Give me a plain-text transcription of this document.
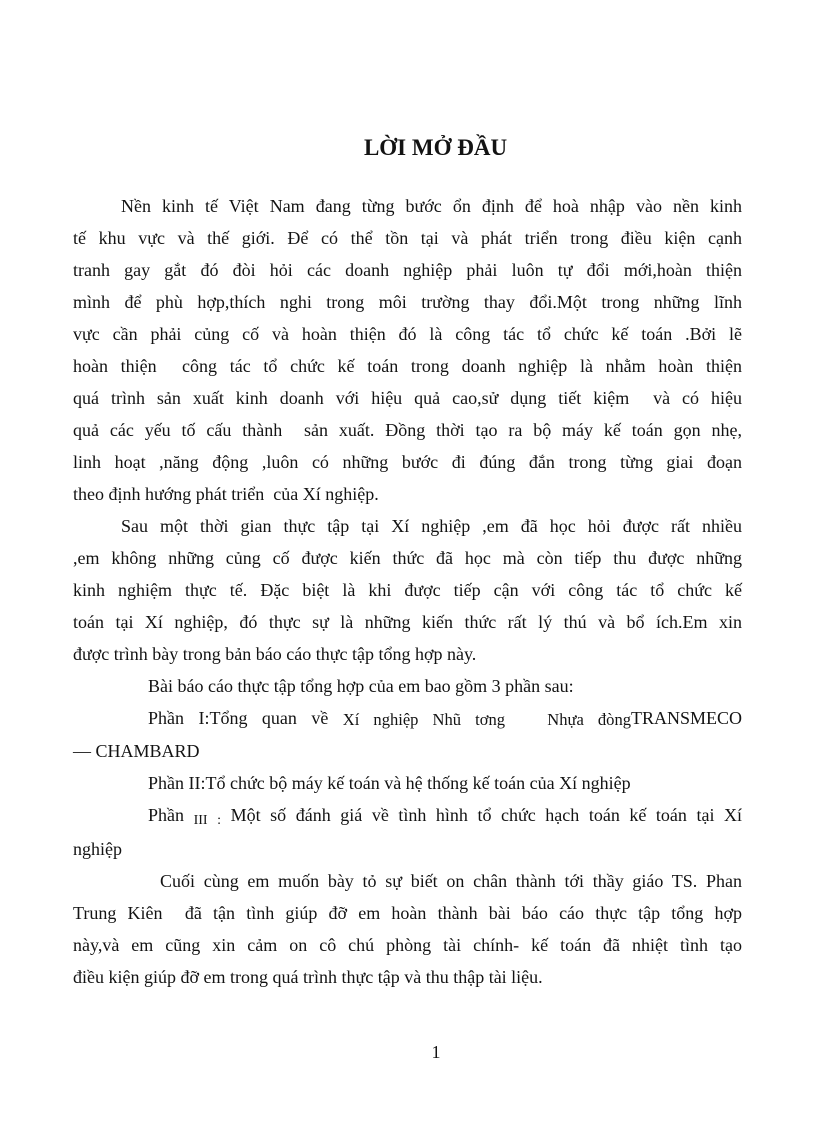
LỜI MỞ ĐẦU
Nền kinh tế Việt Nam đang từng bước ổn định để hoà nhập vào nền kinh
tế khu vực và thế giới. Để có thể tồn tại và phát triển trong điều kiện cạnh
tranh gay gắt đó đòi hỏi các doanh nghiệp phải luôn tự đổi mới,hoàn thiện
mình để phù hợp,thích nghi trong môi trường thay đổi.Một trong những lĩnh
vực cần phải củng cố và hoàn thiện đó là công tác tổ chức kế toán .Bởi lẽ
hoàn thiện  công tác tổ chức kế toán trong doanh nghiệp là nhằm hoàn thiện
quá trình sản xuất kinh doanh với hiệu quả cao,sử dụng tiết kiệm  và có hiệu
quả các yếu tố cấu thành  sản xuất. Đồng thời tạo ra bộ máy kế toán gọn nhẹ,
linh hoạt ,năng động ,luôn có những bước đi đúng đắn trong từng giai đoạn
theo định hướng phát triển  của Xí nghiệp.
Sau một thời gian thực tập tại Xí nghiệp ,em đã học hỏi được rất nhiều
,em không những củng cố được kiến thức đã học mà còn tiếp thu được những
kinh nghiệm thực tế. Đặc biệt là khi được tiếp cận với công tác tổ chức kế
toán tại Xí nghiệp, đó thực sự là những kiến thức rất lý thú và bổ ích.Em xin
được trình bày trong bản báo cáo thực tập tổng hợp này.
Bài báo cáo thực tập tổng hợp của em bao gồm 3 phần sau:
Phần I:Tổng quan về Xí nghiệp Nhũ tơng   Nhựa đòngTRANSMECO
— CHAMBARD
Phần II:Tổ chức bộ máy kế toán và hệ thống kế toán của Xí nghiệp
Phần III : Một số đánh giá về tình hình tổ chức hạch toán kế toán tại Xí
nghiệp
Cuối cùng em muốn bày tỏ sự biết on chân thành tới thầy giáo TS. Phan
Trung Kiên  đã tận tình giúp đỡ em hoàn thành bài báo cáo thực tập tổng hợp
này,và em cũng xin cảm on cô chú phòng tài chính- kế toán đã nhiệt tình tạo
điều kiện giúp đỡ em trong quá trình thực tập và thu thập tài liệu.
1
